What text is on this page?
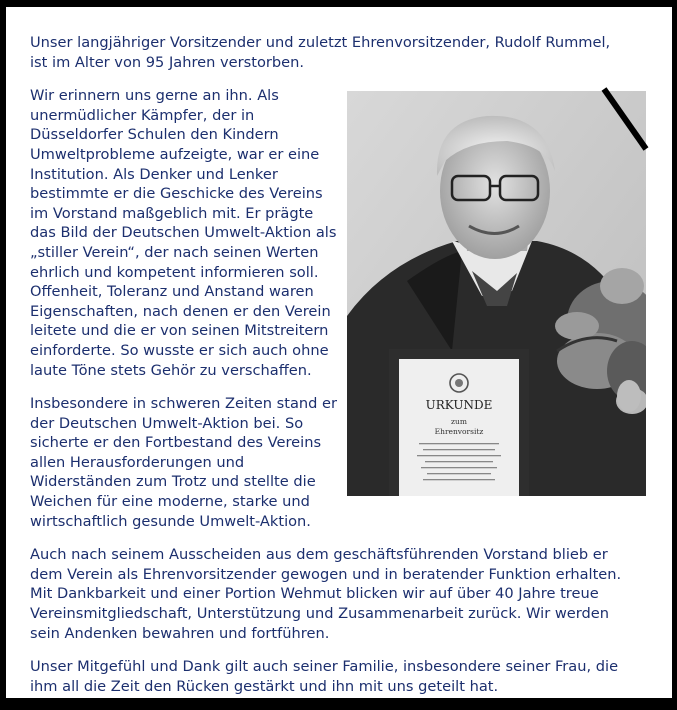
Unser langjähriger Vorsitzender und zuletzt Ehrenvorsitzender, Rudolf Rummel, ist im Alter von 95 Jahren verstorben.

URKUNDE
zum
Ehrenvorsitz

Wir erinnern uns gerne an ihn. Als unermüdlicher Kämpfer, der in Düsseldorfer Schulen den Kindern Umweltprobleme aufzeigte, war er eine Institution. Als Denker und Lenker bestimmte er die Geschicke des Vereins im Vorstand maßgeblich mit. Er prägte das Bild der Deutschen Umwelt-Aktion als „stiller Verein“, der nach seinen Werten ehrlich und kompetent informieren soll. Offenheit, Toleranz und Anstand waren Eigenschaften, nach denen er den Verein leitete und die er von seinen Mitstreitern einforderte. So wusste er sich auch ohne laute Töne stets Gehör zu verschaffen.

Insbesondere in schweren Zeiten stand er der Deutschen Umwelt-Aktion bei. So sicherte er den Fortbestand des Vereins allen Herausforderungen und Widerständen zum Trotz und stellte die Weichen für eine moderne, starke und wirtschaftlich gesunde Umwelt-Aktion.

Auch nach seinem Ausscheiden aus dem geschäftsführenden Vorstand blieb er dem Verein als Ehrenvorsitzender gewogen und in beratender Funktion erhalten. Mit Dankbarkeit und einer Portion Wehmut blicken wir auf über 40 Jahre treue Vereinsmitgliedschaft, Unterstützung und Zusammenarbeit zurück. Wir werden sein Andenken bewahren und fortführen.

Unser Mitgefühl und Dank gilt auch seiner Familie, insbesondere seiner Frau, die ihm all die Zeit den Rücken gestärkt und ihn mit uns geteilt hat.
